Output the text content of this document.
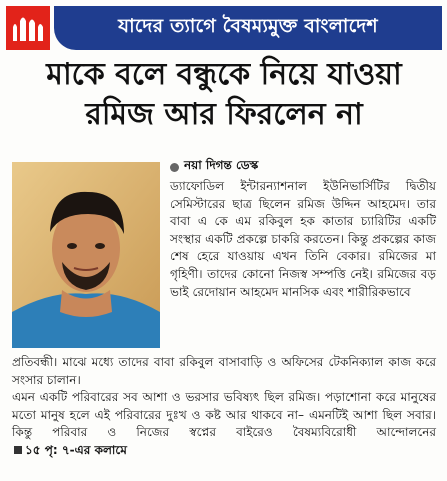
যাদের ত্যাগে বৈষম্যমুক্ত বাংলাদেশ
মাকে বলে বন্ধুকে নিয়ে যাওয়া
রমিজ আর ফিরলেন না
নয়া দিগন্ত ডেস্ক

ড্যাফোডিল ইন্টারন্যাশনাল ইউনিভার্সিটির দ্বিতীয় সেমিস্টারের ছাত্র ছিলেন রমিজ উদ্দিন আহমেদ। তার বাবা এ কে এম রকিবুল হক কাতার চ্যারিটির একটি সংস্থার একটি প্রকল্পে চাকরি করতেন। কিন্তু প্রকল্পের কাজ শেষ হেরে যাওয়ায় এখন তিনি বেকার। রমিজের মা গৃহিণী। তাদের কোনো নিজস্ব সম্পত্তি নেই। রমিজের বড় ভাই রেদোয়ান আহমেদ মানসিক এবং শারীরিকভাবে

প্রতিবন্ধী। মাঝে মধ্যে তাদের বাবা রকিবুল বাসাবাড়ি ও অফিসের টেকনিক্যাল কাজ করে সংসার চালান।

এমন একটি পরিবারের সব আশা ও ভরসার ভবিষ্যৎ ছিল রমিজ। পড়াশোনা করে মানুষের মতো মানুষ হলে এই পরিবারের দুঃখ ও কষ্ট আর থাকবে না– এমনটিই আশা ছিল সবার। কিন্তু পরিবার ও নিজের স্বপ্নের বাইরেও বৈষম্যবিরোধী আন্দোলনের১৫ পৃ: ৭-এর কলামে
